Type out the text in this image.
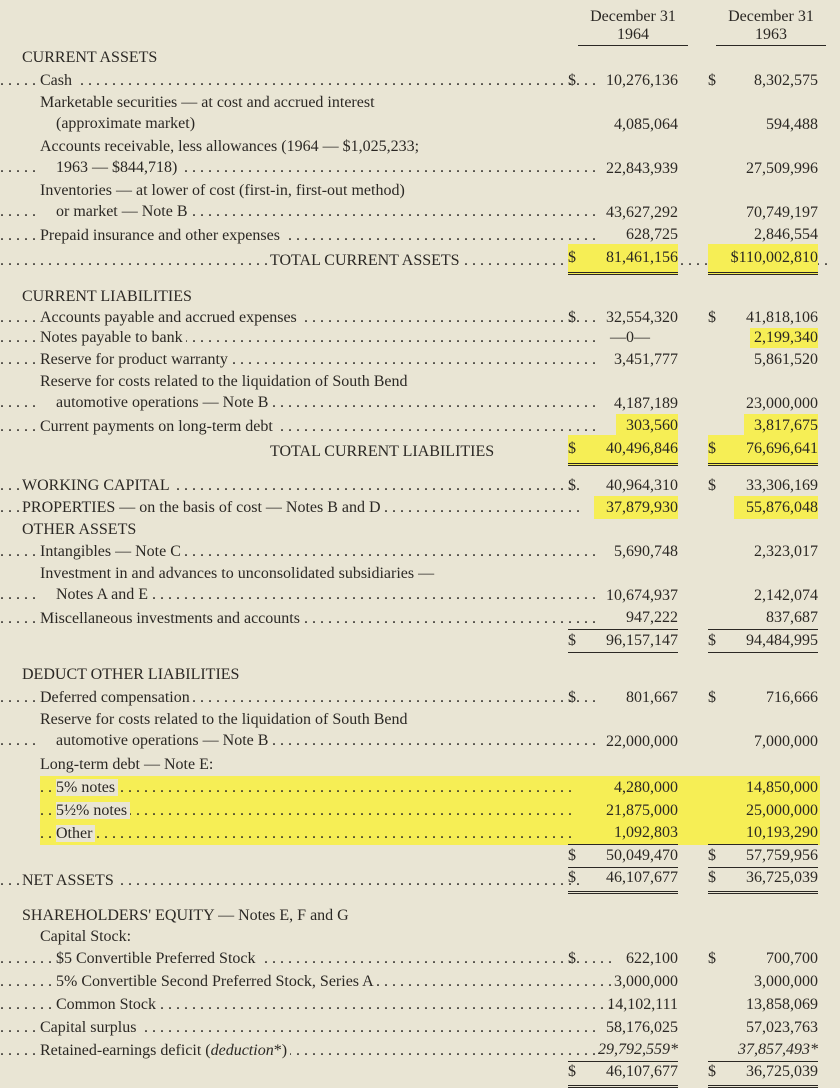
December 31
1964
December 31
1963
CURRENT ASSETS
Cash . . .	$ 10,276,136 $ 8,302,575
Marketable securities — at cost and accrued interest
(approximate market)	4,085,064	594,488
Accounts receivable, less allowances (1964 — $1,025,233;
1963 — $844,718) . . .	22,843,939	27,509,996
Inventories — at lower of cost (first-in, first-out method)
or market — Note B . . .	43,627,292	70,749,197
Prepaid insurance and other expenses . . .	628,725	2,846,554
TOTAL CURRENT ASSETS . . .	$ 81,461,156	$110,002,810
CURRENT LIABILITIES
Accounts payable and accrued expenses . . .	$ 32,554,320 $ 41,818,106
Notes payable to bank . . .	—0—	2,199,340
Reserve for product warranty . . .	3,451,777	5,861,520
Reserve for costs related to the liquidation of South Bend
automotive operations — Note B . . .	4,187,189	23,000,000
Current payments on long-term debt . . .	303,560	3,817,675
TOTAL CURRENT LIABILITIES	$ 40,496,846 $ 76,696,641
WORKING CAPITAL . . .	$ 40,964,310 $ 33,306,169
PROPERTIES — on the basis of cost — Notes B and D . . .	37,879,930	55,876,048
OTHER ASSETS
Intangibles — Note C . . .	5,690,748	2,323,017
Investment in and advances to unconsolidated subsidiaries —
Notes A and E . . .	10,674,937	2,142,074
Miscellaneous investments and accounts . . .	947,222	837,687
$ 96,157,147 $ 94,484,995
DEDUCT OTHER LIABILITIES
Deferred compensation . . .	$	801,667 $	716,666
Reserve for costs related to the liquidation of South Bend
automotive operations — Note B . . .	22,000,000	7,000,000
Long-term debt — Note E:
5% notes . . .	4,280,000	14,850,000
5½% notes . . .	21,875,000	25,000,000
Other . . .	1,092,803	10,193,290
$ 50,049,470 $ 57,759,956
NET ASSETS . . .	$ 46,107,677 $ 36,725,039
SHAREHOLDERS' EQUITY — Notes E, F and G
Capital Stock:
$5 Convertible Preferred Stock . . .	$	622,100 $	700,700
5% Convertible Second Preferred Stock, Series A . . .	3,000,000	3,000,000
Common Stock . . .	14,102,111	13,858,069
Capital surplus . . .	58,176,025	57,023,763
Retained-earnings deficit (deduction*) . . .	29,792,559*	37,857,493*
$ 46,107,677 $ 36,725,039
